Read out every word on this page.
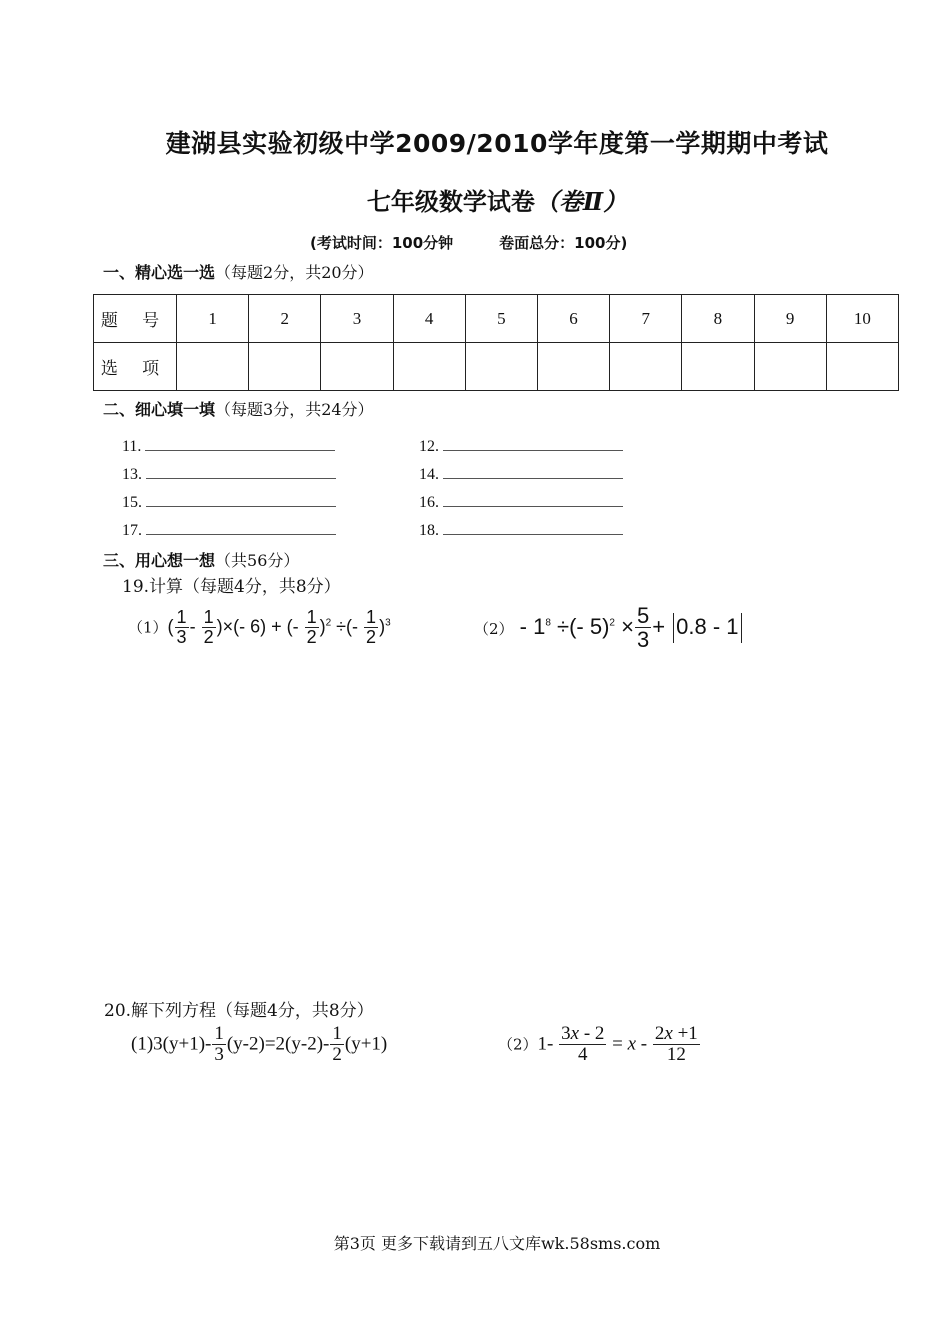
建湖县实验初级中学2009/2010学年度第一学期期中考试
七年级数学试卷（卷Ⅱ）
(考试时间：100分钟	卷面总分：100分)
一、精心选一选（每题2分，共20分）
题 号	1	2	3	4	5	6	7	8	9	10
选 项										
二、细心填一填（每题3分，共24分）
11.	12.
13.	14.
15.	16.
17.	18.
三、用心想一想（共56分）
19.计算（每题4分，共8分）
$(1)( \frac{1}{3} - \frac{1}{2}$ )×(- 6) + (- $\frac{1}{2} )^2$ ÷(- $\frac{1}{2} )^3$	$(2) - 1^8$ ÷(- $5)^2 \times \frac{5}{3} + 0.8 - 1$
20.解下列方程（每题4分，共8分）
$(1)3(y+1)- \frac{1}{3} (y-2)=2(y-2)- \frac{1}{2} (y+1)$	$(2)1- \frac{3x - 2}{4} = x - \frac{2x +1}{12}$
第3页 更多下载请到五八文库wk.58sms.com
